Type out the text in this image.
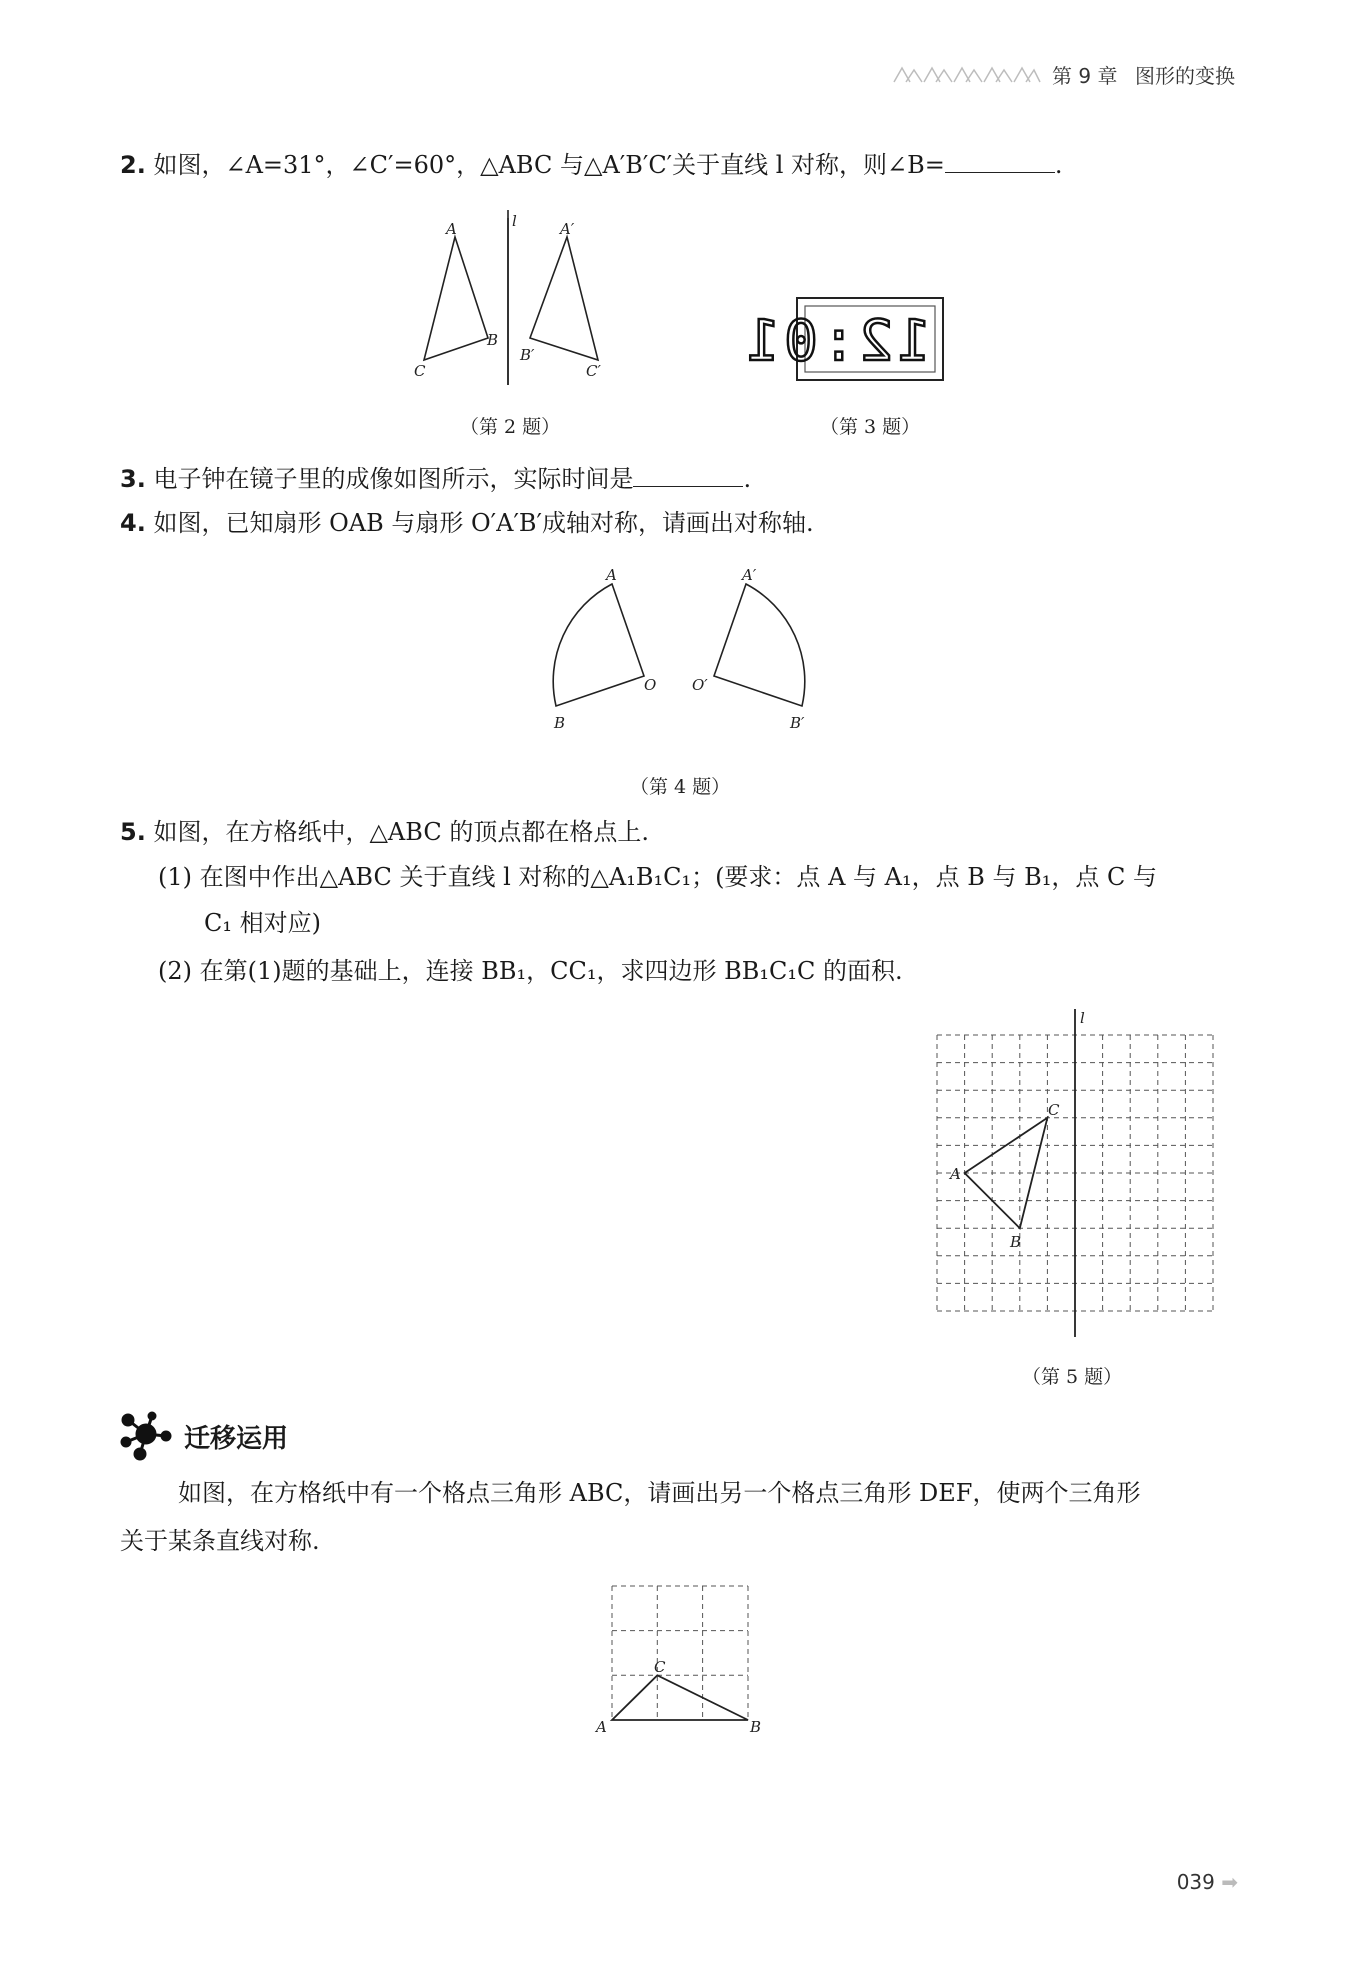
第 9 章 图形的变换
2. 如图，∠A=31°，∠C′=60°，△ABC 与△A′B′C′关于直线 l 对称，则∠B=	.
A
B
C
A′
B′
C′
l
（第 2 题）
12:01
（第 3 题）
3. 电子钟在镜子里的成像如图所示，实际时间是	.
4. 如图，已知扇形 OAB 与扇形 O′A′B′成轴对称，请画出对称轴.
A
O
B
A′
O′
B′
（第 4 题）
5. 如图，在方格纸中，△ABC 的顶点都在格点上.
(1) 在图中作出△ABC 关于直线 l 对称的△A₁B₁C₁；(要求：点 A 与 A₁，点 B 与 B₁，点 C 与
C₁ 相对应)
(2) 在第(1)题的基础上，连接 BB₁，CC₁，求四边形 BB₁C₁C 的面积.
l
C
A
B
（第 5 题）
迁移运用
如图，在方格纸中有一个格点三角形 ABC，请画出另一个格点三角形 DEF，使两个三角形
关于某条直线对称.
A
C
B
039 ➡
